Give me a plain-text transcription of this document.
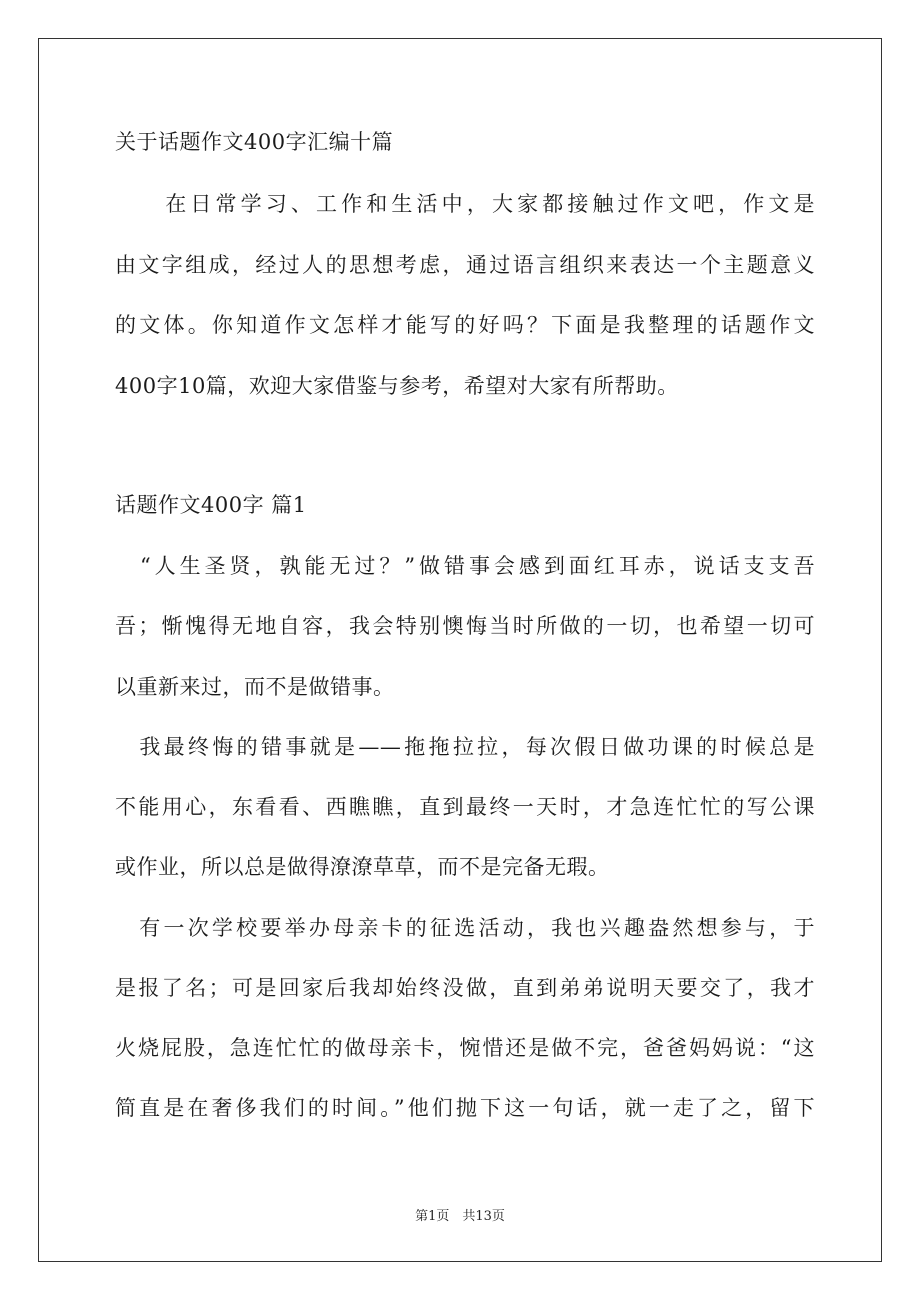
关于话题作文400字汇编十篇
　　在日常学习、工作和生活中，大家都接触过作文吧，作文是
由文字组成，经过人的思想考虑，通过语言组织来表达一个主题意义
的文体。你知道作文怎样才能写的好吗？下面是我整理的话题作文
400字10篇，欢迎大家借鉴与参考，希望对大家有所帮助。
话题作文400字 篇1
　“人生圣贤，孰能无过？”做错事会感到面红耳赤，说话支支吾
吾；惭愧得无地自容，我会特别懊悔当时所做的一切，也希望一切可
以重新来过，而不是做错事。
　我最终悔的错事就是——拖拖拉拉，每次假日做功课的时候总是
不能用心，东看看、西瞧瞧，直到最终一天时，才急连忙忙的写公课
或作业，所以总是做得潦潦草草，而不是完备无瑕。
　有一次学校要举办母亲卡的征选活动，我也兴趣盎然想参与，于
是报了名；可是回家后我却始终没做，直到弟弟说明天要交了，我才
火烧屁股，急连忙忙的做母亲卡，惋惜还是做不完，爸爸妈妈说：“这
简直是在奢侈我们的时间。”他们抛下这一句话，就一走了之，留下
第1页　共13页
